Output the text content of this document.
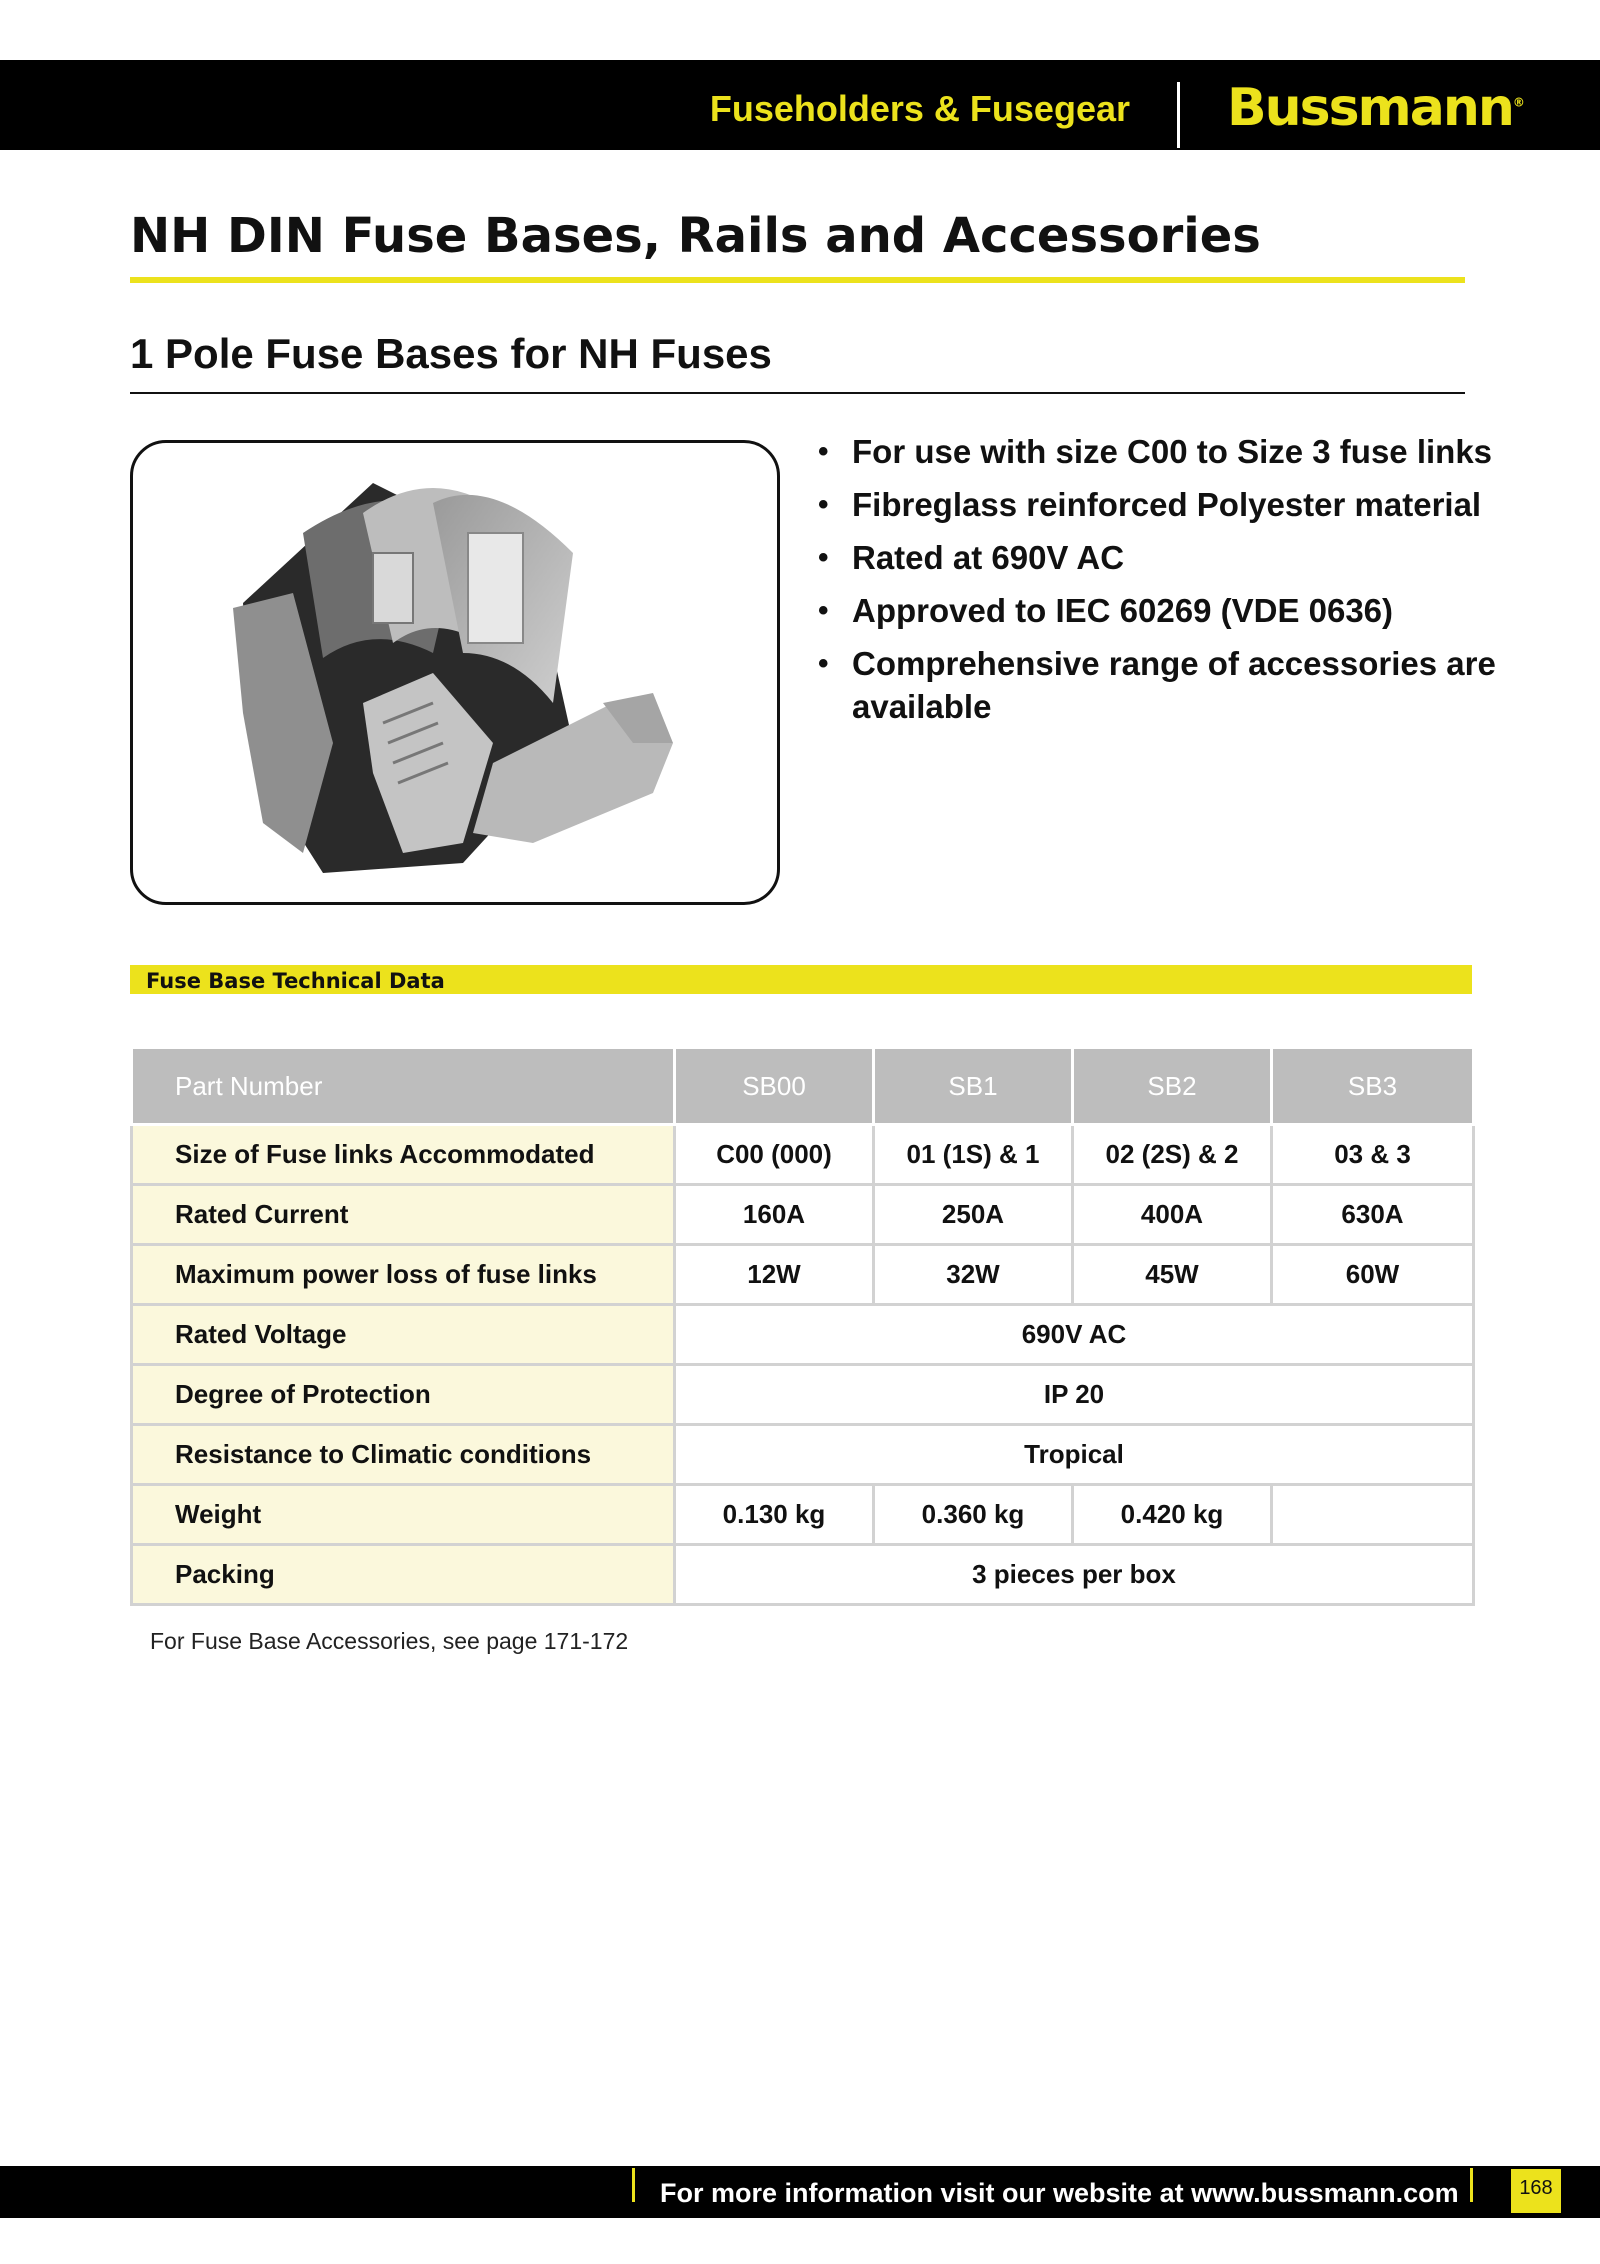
Fuseholders & Fusegear Bussmann®
NH DIN Fuse Bases, Rails and Accessories
1 Pole Fuse Bases for NH Fuses
• For use with size C00 to Size 3 fuse links
• Fibreglass reinforced Polyester material
• Rated at 690V AC
• Approved to IEC 60269 (VDE 0636)
• Comprehensive range of accessories are available
Fuse Base Technical Data
Part Number	SB00	SB1	SB2	SB3
Size of Fuse links Accommodated	C00 (000)	01 (1S) & 1	02 (2S) & 2	03 & 3
Rated Current	160A	250A	400A	630A
Maximum power loss of fuse links	12W	32W	45W	60W
Rated Voltage	690V AC			
Degree of Protection	IP 20			
Resistance to Climatic conditions	Tropical			
Weight	0.130 kg	0.360 kg	0.420 kg	
Packing	3 pieces per box			
For Fuse Base Accessories, see page 171-172
For more information visit our website at www.bussmann.com	168
